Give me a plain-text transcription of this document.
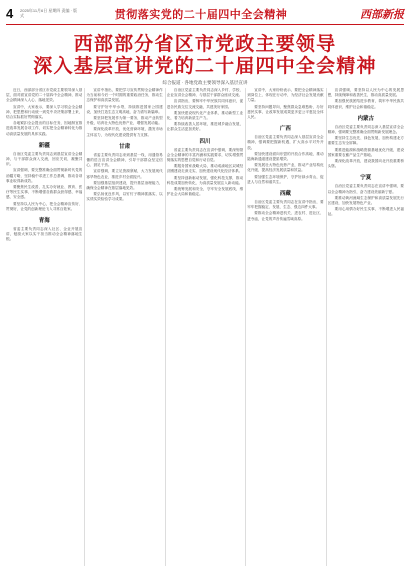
4 2025年11月6日 星期四 责编 · 版式	贯彻落实党的二十届四中全会精神	西部新报
西部部分省区市党政主要领导
深入基层宣讲党的二十届四中全会精神
综合报道 · 各地党政主要领导深入基层宣讲

近日，西部部分省区市党政主要领导深入基层，面对面宣讲党的二十届四中全会精神，推动全会精神深入人心、落地见效。

宣讲中，大家表示，要深入学习领会全会精神，把思想和行动统一到党中央决策部署上来，结合实际抓好贯彻落实。

各地紧扣全会提出的目标任务，因地制宜推进改革发展各项工作，切实把全会精神转化为推动高质量发展的具体实践。

新疆

自治区党委主要负责同志到基层宣讲全会精神，与干部群众深入交流，回应关切，凝聚共识。

宣讲强调，要完整准确全面贯彻新时代党的治疆方略，坚持稳中求进工作总基调，推动各项事业取得新成效。

要聚焦民生改善，扎实办好就业、教育、医疗等民生实事，不断增强各族群众获得感、幸福感、安全感。

要坚持以人民为中心，把全会精神宣传好、贯彻好，让党的创新理论飞入寻常百姓家。

青海

省委主要负责同志深入社区、企业开展宣讲，勉励大家以实干担当推动全会精神落地生根。

宣讲中指出，要把学习宣传贯彻全会精神作为当前和今后一个时期的重要政治任务，推动生态保护和高质量发展。

要守护好中华水塔，持续推进国家公园建设，加快打造生态文明高地，奋力谱写新篇章。

要坚持把发展作为第一要务，推动产业转型升级，培育壮大特色优势产业，增强发展动能。

要深化改革开放，优化营商环境，激发市场主体活力，为现代化建设提供有力支撑。

甘肃

省委主要负责同志来到基层一线，用通俗易懂的语言宣讲全会精神，引导干部群众坚定信心、鼓足干劲。

宣讲强调，要立足资源禀赋，大力发展现代寒旱特色农业，推进乡村全面振兴。

要加强基层组织建设，提升基层治理能力，确保全会精神在基层落地见效。

要弘扬优良作风，以钉钉子精神抓落实，以实绩实效检验学习成果。

自治区党委主要负责同志深入乡村、学校、企业宣讲全会精神，与基层干部群众座谈交流。

宣讲指出，要铸牢中华民族共同体意识，促进各民族交往交流交融，共建美好家园。

要加快建设现代化产业体系，推动新型工业化，着力培育新质生产力。

要持续改善人居环境，推进城乡融合发展，让群众生活更加美好。

四川

省委主要负责同志在宣讲中强调，要深刻领会全会精神的丰富内涵和实践要求，切实增强贯彻落实的思想自觉和行动自觉。

要服务国家战略大局，推动成渝地区双城经济圈建设走深走实，加快建设现代化经济体系。

要坚持创新驱动发展，强化科技支撑，推动科技成果加快转化，为高质量发展注入新动能。

要统筹发展和安全，守牢安全发展底线，维护社会大局和谐稳定。

宣讲中，大家纷纷表示，要把全会精神落实到岗位上、体现在行动中，为经济社会发展贡献力量。

要坚持问题导向，聚焦群众急难愁盼，办好惠民实事，让改革发展成果更多更公平惠及全体人民。

广西

自治区党委主要负责同志深入基层宣讲全会精神，强调要把握新机遇，扩大高水平对外开放。

要加快建设面向东盟的开放合作高地，推动陆海新通道建设提质增效。

要发展壮大特色优势产业，推动产业结构优化升级，提高经济发展质量和效益。

要加强生态环境保护，守护好绿水青山，促进人与自然和谐共生。

西藏

自治区党委主要负责同志在宣讲中指出，要牢牢把握稳定、发展、生态、强边四件大事。

要推动全会精神进机关、进农村、进社区、进寺庙，让党的声音传遍雪域高原。

宣讲强调，要坚持以人民为中心的发展思想，持续保障和改善民生，推动高质量发展。

要加强民族团结进步教育，筑牢中华民族共同体意识，维护社会和谐稳定。

内蒙古

自治区党委主要负责同志深入基层宣讲全会精神，强调要完整准确全面贯彻新发展理念。

要坚持生态优先、绿色发展，加快构建北方重要生态安全屏障。

要推进能源和战略资源基地优化升级，建设国家重要农畜产品生产基地。

要深化改革开放，建设我国向北开放重要桥头堡。

宁夏

自治区党委主要负责同志在宣讲中强调，要以全会精神为指引，奋力建设美丽新宁夏。

要推动黄河流域生态保护和高质量发展先行区建设，加快发展特色产业。

要用心用情办好民生实事，不断增进人民福祉。
